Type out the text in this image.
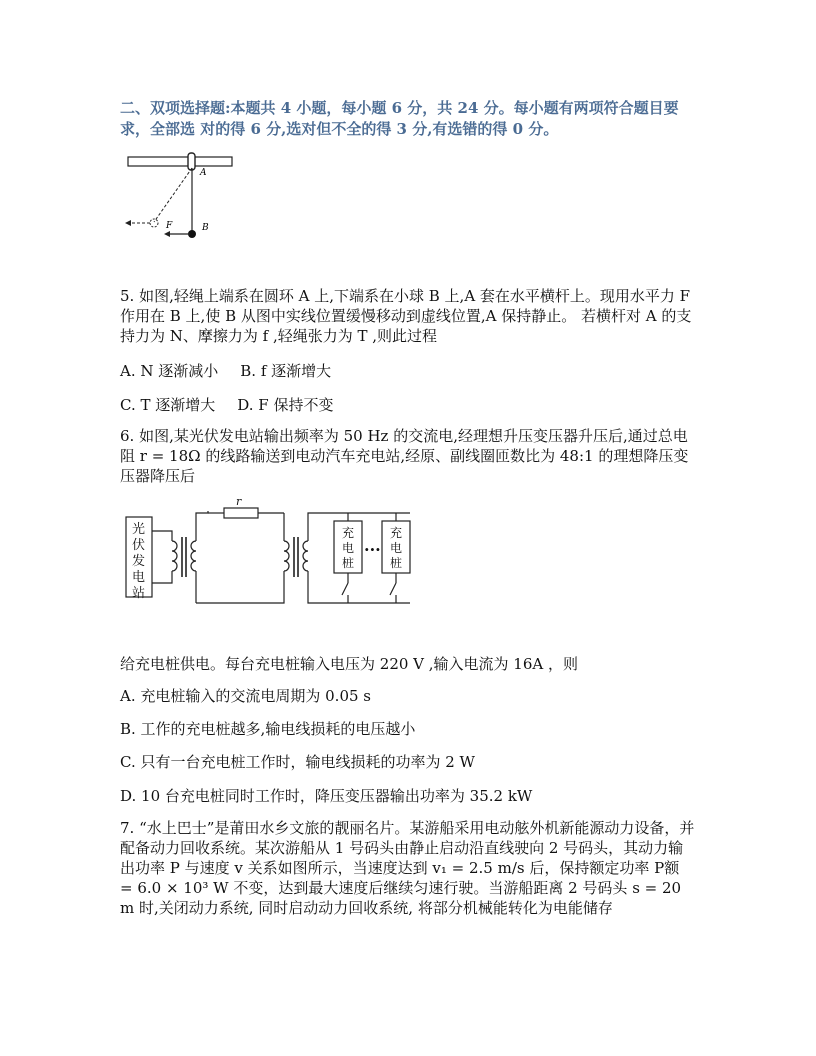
二、双项选择题:本题共 4 小题，每小题 6 分，共 24 分。每小题有两项符合题目要求，全部选 对的得 6 分,选对但不全的得 3 分,有选错的得 0 分。
A
F	B
5. 如图,轻绳上端系在圆环 A 上,下端系在小球 B 上,A 套在水平横杆上。现用水平力 F 作用在 B 上,使 B 从图中实线位置缓慢移动到虚线位置,A 保持静止。 若横杆对 A 的支持力为 N、摩擦力为 f ,轻绳张力为 T ,则此过程
A. N 逐渐减小 B. f 逐渐增大
C. T 逐渐增大 D. F 保持不变
6. 如图,某光伏发电站输出频率为 50 Hz 的交流电,经理想升压变压器升压后,通过总电阻 r = 18Ω 的线路输送到电动汽车充电站,经原、副线圈匝数比为 48:1 的理想降压变压器降压后
光
伏
发
电
站
r
充
电
桩
···
充
电
桩
给充电桩供电。每台充电桩输入电压为 220 V ,输入电流为 16A ，则
A. 充电桩输入的交流电周期为 0.05 s
B. 工作的充电桩越多,输电线损耗的电压越小
C. 只有一台充电桩工作时，输电线损耗的功率为 2 W
D. 10 台充电桩同时工作时，降压变压器输出功率为 35.2 kW
7. “水上巴士”是莆田水乡文旅的靓丽名片。某游船采用电动舷外机新能源动力设备，并配备动力回收系统。某次游船从 1 号码头由静止启动沿直线驶向 2 号码头，其动力输出功率 P 与速度 v 关系如图所示，当速度达到 v₁ = 2.5 m/s 后，保持额定功率 P额 = 6.0 × 10³ W 不变，达到最大速度后继续匀速行驶。当游船距离 2 号码头 s = 20 m 时,关闭动力系统, 同时启动动力回收系统, 将部分机械能转化为电能储存
